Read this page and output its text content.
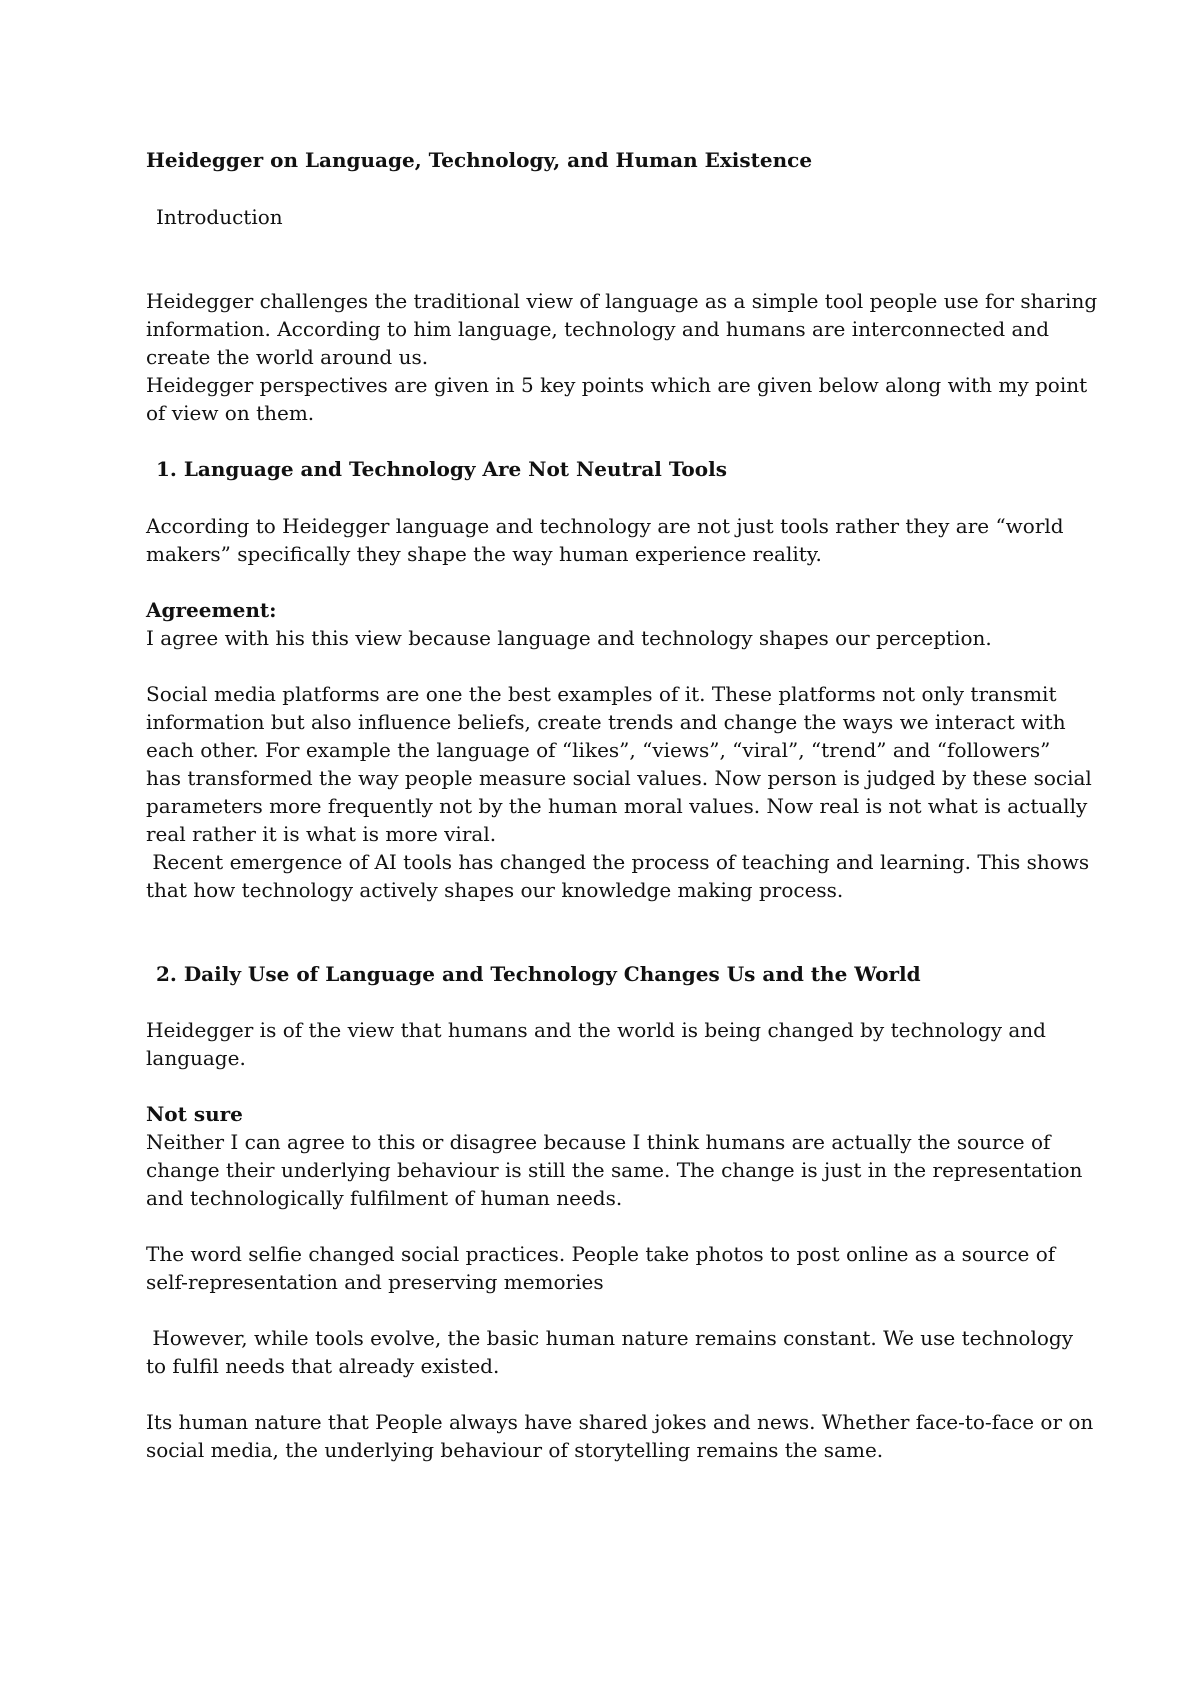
Heidegger on Language, Technology, and Human Existence
Introduction
Heidegger challenges the traditional view of language as a simple tool people use for sharing
information. According to him language, technology and humans are interconnected and
create the world around us.
Heidegger perspectives are given in 5 key points which are given below along with my point
of view on them.
1. Language and Technology Are Not Neutral Tools
According to Heidegger language and technology are not just tools rather they are “world
makers” specifically they shape the way human experience reality.
Agreement:
I agree with his this view because language and technology shapes our perception.
Social media platforms are one the best examples of it. These platforms not only transmit
information but also influence beliefs, create trends and change the ways we interact with
each other. For example the language of “likes”, “views”, “viral”, “trend” and “followers”
has transformed the way people measure social values. Now person is judged by these social
parameters more frequently not by the human moral values. Now real is not what is actually
real rather it is what is more viral.
Recent emergence of AI tools has changed the process of teaching and learning. This shows
that how technology actively shapes our knowledge making process.
2. Daily Use of Language and Technology Changes Us and the World
Heidegger is of the view that humans and the world is being changed by technology and
language.
Not sure
Neither I can agree to this or disagree because I think humans are actually the source of
change their underlying behaviour is still the same. The change is just in the representation
and technologically fulfilment of human needs.
The word selfie changed social practices. People take photos to post online as a source of
self-representation and preserving memories
However, while tools evolve, the basic human nature remains constant. We use technology
to fulfil needs that already existed.
Its human nature that People always have shared jokes and news. Whether face-to-face or on
social media, the underlying behaviour of storytelling remains the same.
